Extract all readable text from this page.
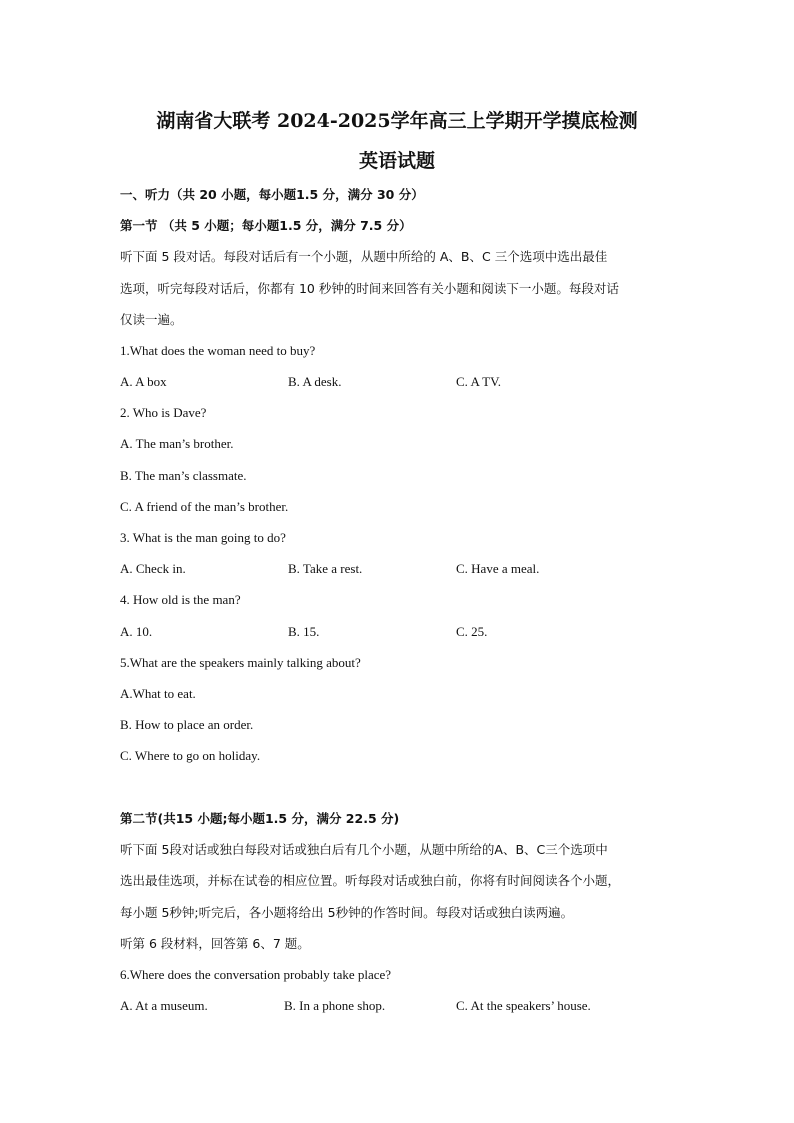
湖南省大联考 2024-2025学年高三上学期开学摸底检测
英语试题
一、听力（共 20 小题，每小题1.5 分，满分 30 分）
第一节 （共 5 小题；每小题1.5 分，满分 7.5 分）
听下面 5 段对话。每段对话后有一个小题，从题中所给的 A、B、C 三个选项中选出最佳
选项，听完每段对话后，你都有 10 秒钟的时间来回答有关小题和阅读下一小题。每段对话
仅读一遍。
1.What does the woman need to buy?
A. A box	B. A desk.	C. A TV.
2. Who is Dave?
A. The man’s brother.
B. The man’s classmate.
C. A friend of the man’s brother.
3. What is the man going to do?
A. Check in.	B. Take a rest.	C. Have a meal.
4. How old is the man?
A. 10.	B. 15.	C. 25.
5.What are the speakers mainly talking about?
A.What to eat.
B. How to place an order.
C. Where to go on holiday.
第二节(共15 小题;每小题1.5 分，满分 22.5 分)
听下面 5段对话或独白每段对话或独白后有几个小题，从题中所给的A、B、C三个选项中
选出最佳选项，并标在试卷的相应位置。听每段对话或独白前，你将有时间阅读各个小题，
每小题 5秒钟;听完后，各小题将给出 5秒钟的作答时间。每段对话或独白读两遍。
听第 6 段材料，回答第 6、7 题。
6.Where does the conversation probably take place?
A. At a museum.	B. In a phone shop.	C. At the speakers’ house.
